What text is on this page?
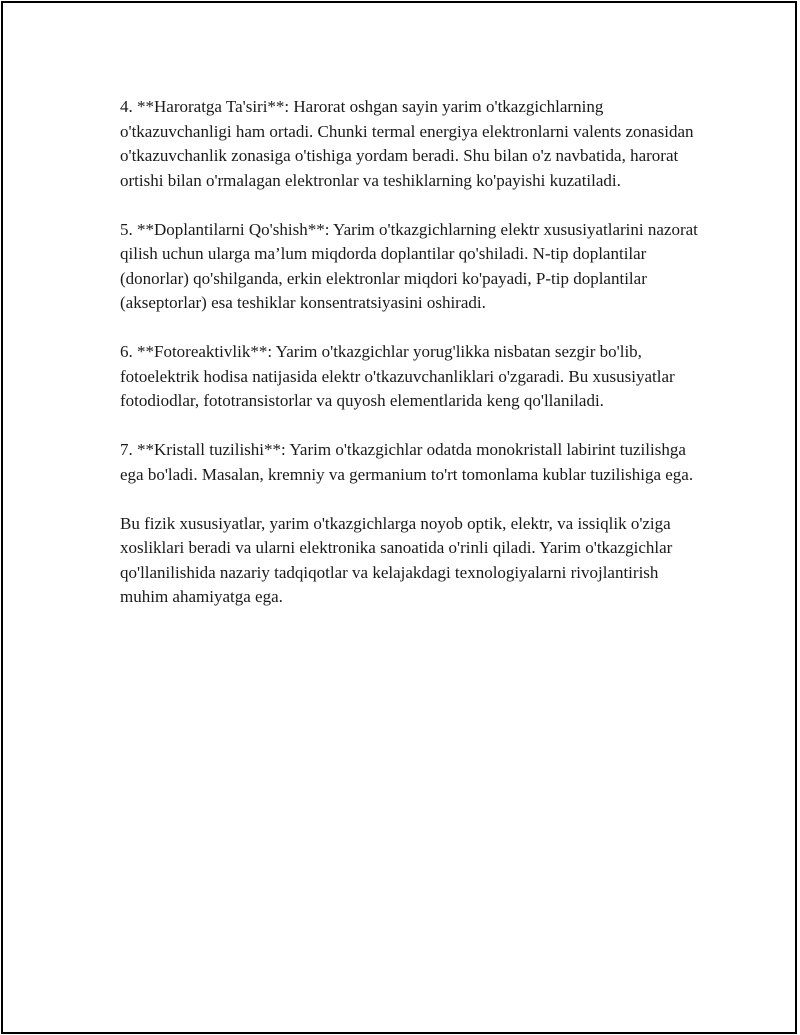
4. **Haroratga Ta'siri**: Harorat oshgan sayin yarim o'tkazgichlarning o'tkazuvchanligi ham ortadi. Chunki termal energiya elektronlarni valents zonasidan o'tkazuvchanlik zonasiga o'tishiga yordam beradi. Shu bilan o'z navbatida, harorat ortishi bilan o'rmalagan elektronlar va teshiklarning ko'payishi kuzatiladi.

5. **Doplantilarni Qo'shish**: Yarim o'tkazgichlarning elektr xususiyatlarini nazorat qilish uchun ularga ma’lum miqdorda doplantilar qo'shiladi. N-tip doplantilar (donorlar) qo'shilganda, erkin elektronlar miqdori ko'payadi, P-tip doplantilar (akseptorlar) esa teshiklar konsentratsiyasini oshiradi.

6. **Fotoreaktivlik**: Yarim o'tkazgichlar yorug'likka nisbatan sezgir bo'lib, fotoelektrik hodisa natijasida elektr o'tkazuvchanliklari o'zgaradi. Bu xususiyatlar fotodiodlar, fototransistorlar va quyosh elementlarida keng qo'llaniladi.

7. **Kristall tuzilishi**: Yarim o'tkazgichlar odatda monokristall labirint tuzilishga ega bo'ladi. Masalan, kremniy va germanium to'rt tomonlama kublar tuzilishiga ega.

Bu fizik xususiyatlar, yarim o'tkazgichlarga noyob optik, elektr, va issiqlik o'ziga xosliklari beradi va ularni elektronika sanoatida o'rinli qiladi. Yarim o'tkazgichlar qo'llanilishida nazariy tadqiqotlar va kelajakdagi texnologiyalarni rivojlantirish muhim ahamiyatga ega.
